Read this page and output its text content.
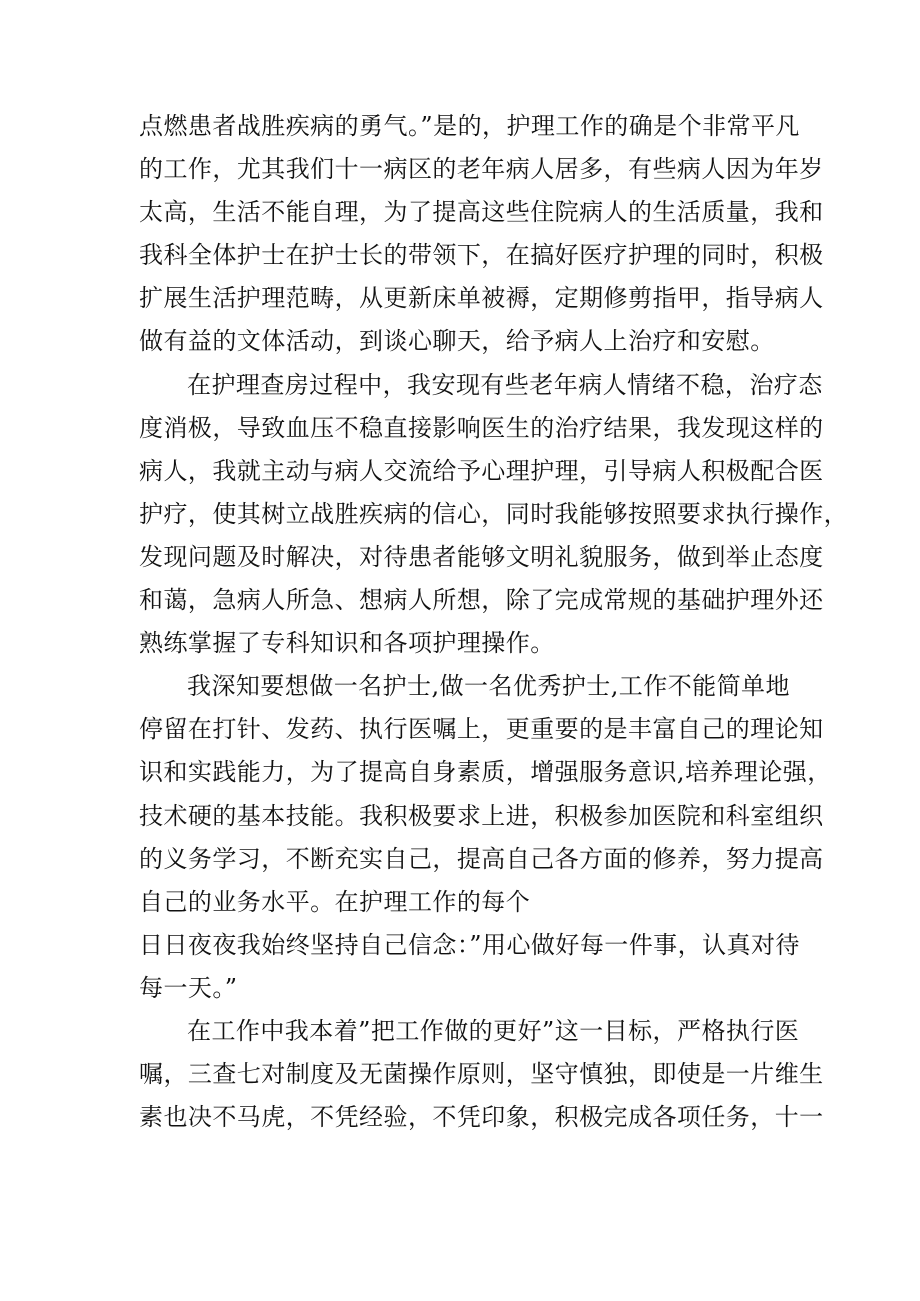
点燃患者战胜疾病的勇气。”是的，护理工作的确是个非常平凡
的工作，尤其我们十一病区的老年病人居多，有些病人因为年岁
太高，生活不能自理，为了提高这些住院病人的生活质量，我和
我科全体护士在护士长的带领下，在搞好医疗护理的同时，积极
扩展生活护理范畴，从更新床单被褥，定期修剪指甲，指导病人
做有益的文体活动，到谈心聊天，给予病人上治疗和安慰。
在护理查房过程中，我安现有些老年病人情绪不稳，治疗态
度消极，导致血压不稳直接影响医生的治疗结果，我发现这样的
病人，我就主动与病人交流给予心理护理，引导病人积极配合医
护疗，使其树立战胜疾病的信心，同时我能够按照要求执行操作，
发现问题及时解决，对待患者能够文明礼貌服务，做到举止态度
和蔼，急病人所急、想病人所想，除了完成常规的基础护理外还
熟练掌握了专科知识和各项护理操作。
我深知要想做一名护士,做一名优秀护士,工作不能简单地
停留在打针、发药、执行医嘱上，更重要的是丰富自己的理论知
识和实践能力，为了提高自身素质，增强服务意识,培养理论强，
技术硬的基本技能。我积极要求上进，积极参加医院和科室组织
的义务学习，不断充实自己，提高自己各方面的修养，努力提高
自己的业务水平。在护理工作的每个
日日夜夜我始终坚持自己信念：”用心做好每一件事，认真对待
每一天。”
在工作中我本着”把工作做的更好”这一目标，严格执行医
嘱，三查七对制度及无菌操作原则，坚守慎独，即使是一片维生
素也决不马虎，不凭经验，不凭印象，积极完成各项任务，十一
